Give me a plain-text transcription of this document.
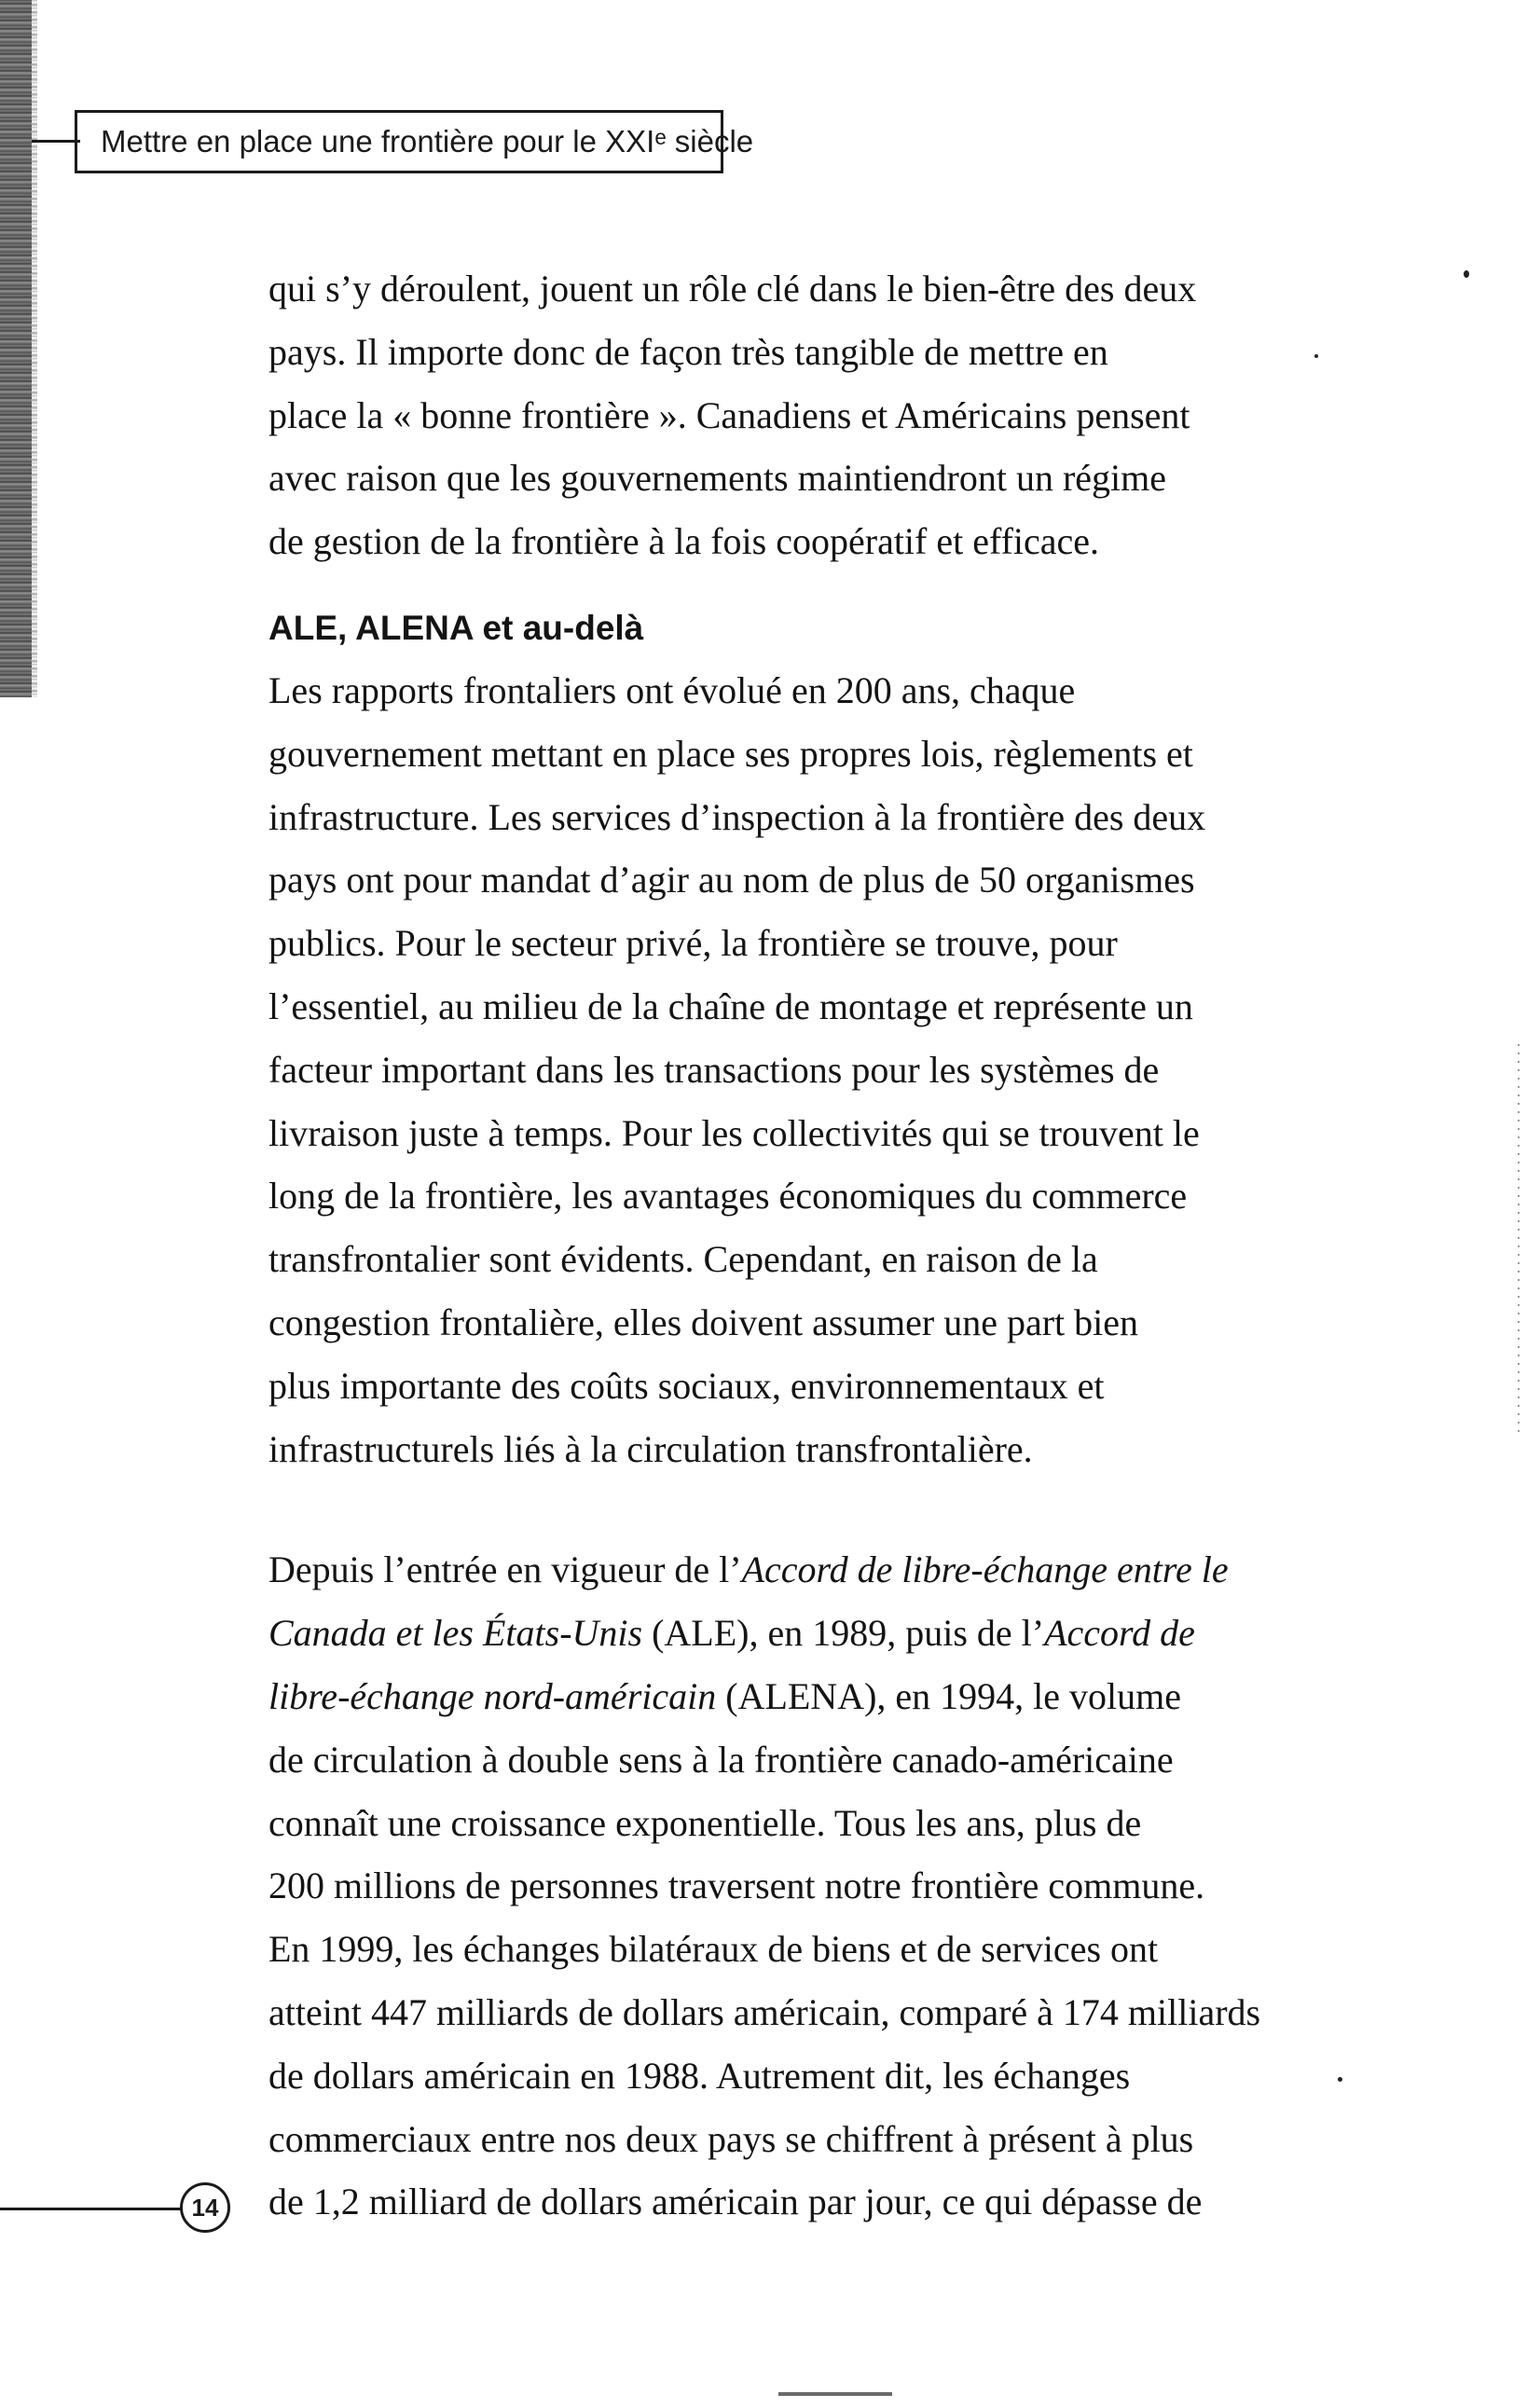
Mettre en place une frontière pour le XXIᵉ siècle

qui s’y déroulent, jouent un rôle clé dans le bien-être des deux
pays. Il importe donc de façon très tangible de mettre en
place la « bonne frontière ». Canadiens et Américains pensent
avec raison que les gouvernements maintiendront un régime
de gestion de la frontière à la fois coopératif et efficace.

ALE, ALENA et au-delà

Les rapports frontaliers ont évolué en 200 ans, chaque
gouvernement mettant en place ses propres lois, règlements et
infrastructure. Les services d’inspection à la frontière des deux
pays ont pour mandat d’agir au nom de plus de 50 organismes
publics. Pour le secteur privé, la frontière se trouve, pour
l’essentiel, au milieu de la chaîne de montage et représente un
facteur important dans les transactions pour les systèmes de
livraison juste à temps. Pour les collectivités qui se trouvent le
long de la frontière, les avantages économiques du commerce
transfrontalier sont évidents. Cependant, en raison de la
congestion frontalière, elles doivent assumer une part bien
plus importante des coûts sociaux, environnementaux et
infrastructurels liés à la circulation transfrontalière.

Depuis l’entrée en vigueur de l’Accord de libre-échange entre le
Canada et les États-Unis (ALE), en 1989, puis de l’Accord de
libre-échange nord-américain (ALENA), en 1994, le volume
de circulation à double sens à la frontière canado-américaine
connaît une croissance exponentielle. Tous les ans, plus de
200 millions de personnes traversent notre frontière commune.
En 1999, les échanges bilatéraux de biens et de services ont
atteint 447 milliards de dollars américain, comparé à 174 milliards
de dollars américain en 1988. Autrement dit, les échanges
commerciaux entre nos deux pays se chiffrent à présent à plus
de 1,2 milliard de dollars américain par jour, ce qui dépasse de

14
